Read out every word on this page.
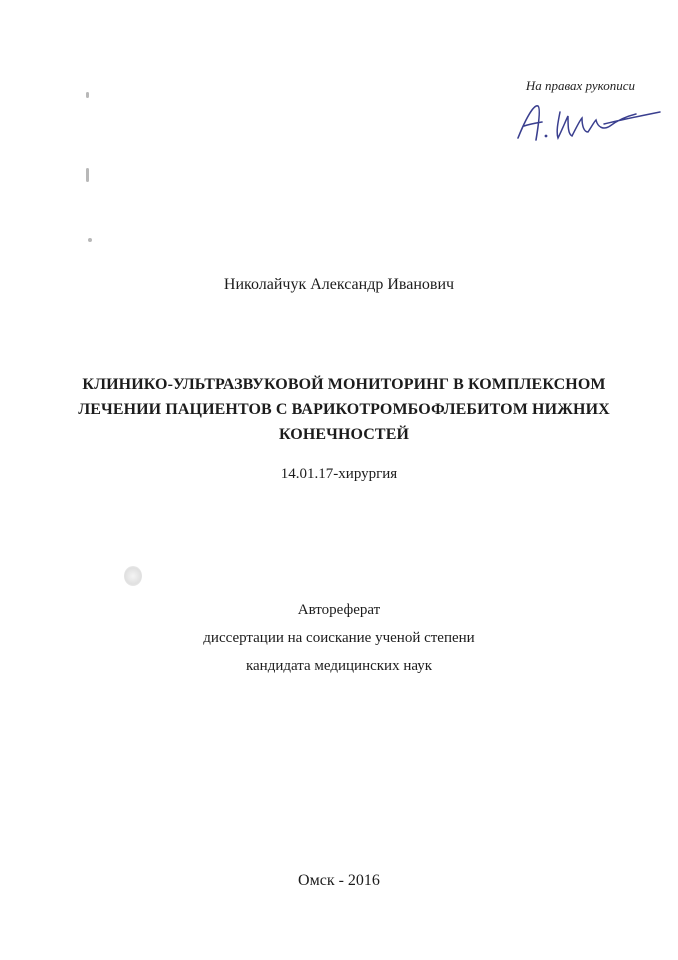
На правах рукописи
Николайчук Александр Иванович
КЛИНИКО-УЛЬТРАЗВУКОВОЙ МОНИТОРИНГ В КОМПЛЕКСНОМ
ЛЕЧЕНИИ ПАЦИЕНТОВ С ВАРИКОТРОМБОФЛЕБИТОМ НИЖНИХ
КОНЕЧНОСТЕЙ
14.01.17-хирургия
Автореферат
диссертации на соискание ученой степени
кандидата медицинских наук
Омск - 2016
